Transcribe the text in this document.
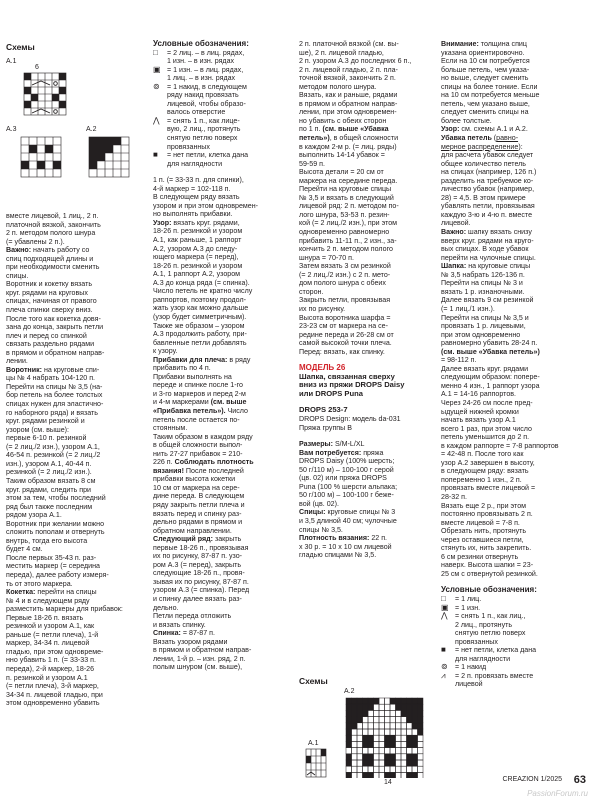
Схемы
А.1
6
А.3	А.2

вместе лицевой, 1 лиц., 2 п.
платочной вязкой, закончить
2 п. методом полого шнура
(= убавлены 2 п.).

Важно: начать работу со
спиц подходящей длины и
при необходимости сменить
спицы.
Воротник и кокетку вязать
круг. рядами на круговых
спицах, начиная от правого
плеча спинки сверху вниз.
После того как кокетка довя-
зана до конца, закрыть петли
плеч и перед со спинкой
связать раздельно рядами
в прямом и обратном направ-
лении.

Воротник: на круговые спи-
цы № 4 набрать 104-120 п.
Перейти на спицы № 3,5 (на-
бор петель на более толстых
спицах нужен для эластично-
го наборного ряда) и вязать
круг. рядами резинкой и
узором (см. выше):
первые 6-10 п. резинкой
(= 2 лиц./2 изн.), узором А.1,
46-54 п. резинкой (= 2 лиц./2
изн.), узором А.1, 40-44 п.
резинкой (= 2 лиц./2 изн.).
Таким образом вязать 8 см
круг. рядами, следить при
этом за тем, чтобы последний
ряд был также последним
рядом узора А.1.
Воротник при желании можно
сложить пополам и отвернуть
внутрь, тогда его высота
будет 4 см.
После первых 35-43 п. раз-
местить маркер (= середина
переда), далее работу измеря-
ть от этого маркера.

Кокетка: перейти на спицы
№ 4 и в следующем ряду
разместить маркеры для прибавок:
Первые 18-26 п. вязать
резинкой и узором А.1, как
раньше (= петли плеча), 1-й
маркер, 34-34 п. лицевой
гладью, при этом одновреме-
нно убавить 1 п. (= 33-33 п.
переда), 2-й маркер, 18-26
п. резинкой и узором А.1
(= петли плеча), 3-й маркер,
34-34 п. лицевой гладью, при
этом одновременно убавить

Условные обозначения:
□	= 2 лиц. – в лиц. рядах,
1 изн. – в изн. рядах
▣ = 1 изн. – в лиц. рядах,
1 лиц. – в изн. рядах
⊚	= 1 накид, в следующем
ряду накид провязать
лицевой, чтобы образо-
валось отверстие
⋀	= снять 1 п., как лице-
вую, 2 лиц., протянуть
снятую петлю поверх
провязанных
■	= нет петли, клетка дана
для наглядности

1 п. (= 33-33 п. для спинки),
4-й маркер = 102-118 п.
В следующем ряду вязать
узором и при этом одновремен-
но выполнять прибавки.

Узор: вязать круг. рядами,
18-26 п. резинкой и узором
А.1, как раньше, 1 раппорт
А.2, узором А.3 до следу-
ющего маркера (= перед),
18-26 п. резинкой и узором
А.1, 1 раппорт А.2, узором
А.3 до конца ряда (= спинка).
Число петель не кратно числу
раппортов, поэтому продол-
жать узор как можно дальше
(узор будет симметричным).
Также же образом – узором
А.3 продолжить работу, при-
бавленные петли добавлять
к узору.

Прибавки для плеча: в ряду
прибавить по 4 п.
Прибавки выполнять на
переде и спинке после 1-го
и 3-го маркеров и перед 2-м
и 4-м маркерами (см. выше
«Прибавка петель»). Число
петель после остается по-
стоянным.
Таким образом в каждом ряду
в общей сложности выпол-
нить 27-27 прибавок = 210-
226 п. Соблюдать плотность
вязания! После последней
прибавки высота кокетки
10 см от маркера на сере-
дине переда. В следующем
ряду закрыть петли плеча и
вязать перед и спинку раз-
дельно рядами в прямом и
обратном направлении.

Следующий ряд: закрыть
первые 18-26 п., провязывая
их по рисунку, 87-87 п. узо-
ром А.3 (= перед), закрыть
следующие 18-26 п., провя-
зывая их по рисунку, 87-87 п.
узором А.3 (= спинка). Перед
и спинку далее вязать раз-
дельно.
Петли переда отложить
и вязать спинку.

Спинка: = 87-87 п.
Вязать узором рядами
в прямом и обратном направ-
лении, 1-й р. – изн. ряд, 2 п.
полым шнуром (см. выше),

2 п. платочной вязкой (см. вы-
ше), 2 п. лицевой гладью,
2 п. узором А.3 до последних 6 п.,
2 п. лицевой гладью, 2 п. пла-
точной вязкой, закончить 2 п.
методом полого шнура.
Вязать, как и раньше, рядами
в прямом и обратном направ-
лении, при этом одновремен-
но убавить с обеих сторон
по 1 п. (см. выше «Убавка
петель»), в общей сложности
в каждом 2-м р. (= лиц. ряды)
выполнить 14-14 убавок =
59-59 п.
Высота детали = 20 см от
маркера на середине переда.
Перейти на круговые спицы
№ 3,5 и вязать в следующий
лицевой ряд: 2 п. методом по-
лого шнура, 53-53 п. резин-
кой (= 2 лиц./2 изн.), при этом
одновременно равномерно
прибавить 11-11 п., 2 изн., за-
кончить 2 п. методом полого
шнура = 70-70 п.
Затем вязать 3 см резинкой
(= 2 лиц./2 изн.) с 2 п. мето-
дом полого шнура с обеих
сторон.
Закрыть петли, провязывая
их по рисунку.
Высота воротника шарфа =
23-23 см от маркера на се-
редине переда и 26-28 см от
самой высокой точки плеча.
Перед: вязать, как спинку.

МОДЕЛЬ 26

Шапка, связанная сверху
вниз из пряжи DROPS Daisy
или DROPS Puna

DROPS 253-7

DROPS Design: модель da-031
Пряжа группы B

Размеры: S/M-L/XL

Вам потребуется: пряжа
DROPS Daisy (100% шерсть;
50 г/110 м) – 100-100 г серой
(цв. 02) или пряжа DROPS
Puna (100 % шерсти альпака;
50 г/100 м) – 100-100 г беже-
вой (цв. 02).

Спицы: круговые спицы № 3
и 3,5 длиной 40 см; чулочные
спицы № 3,5.

Плотность вязания: 22 п.
х 30 р. = 10 х 10 см лицевой
гладью спицами № 3,5.

Схемы
А.2
14
А.1

Внимание: толщина спиц
указана ориентировочно.
Если на 10 см потребуется
больше петель, чем указа-
но выше, следует сменить
спицы на более тонкие. Если
на 10 см потребуется меньше
петель, чем указано выше,
следует сменить спицы на
более толстые.

Узор: см. схемы А.1 и А.2.

Убавка петель (равно-
мерное распределение):
для расчета убавок следует
общее количество петель
на спицах (например, 126 п.)
разделить на требуемое ко-
личество убавок (например,
28) = 4,5. В этом примере
убавлять петли, провязывая
каждую 3-ю и 4-ю п. вместе
лицевой.

Важно: шапку вязать снизу
вверх круг. рядами на круго-
вых спицах. В ходе убавок
перейти на чулочные спицы.

Шапка: на круговые спицы
№ 3,5 набрать 126-136 п.
Перейти на спицы № 3 и
вязать 1 р. изнаночными.
Далее вязать 9 см резинкой
(= 1 лиц./1 изн.).
Перейти на спицы № 3,5 и
провязать 1 р. лицевыми,
при этом одновременно
равномерно убавить 28-24 п.
(см. выше «Убавка петель»)
= 98-112 п.
Далее вязать круг. рядами
следующим образом: попере-
менно 4 изн., 1 раппорт узора
А.1 = 14-16 раппортов.
Через 24-26 см после пред-
ыдущей нижней кромки
начать вязать узор А.1
всего 1 раз, при этом число
петель уменьшится до 2 п.
в каждом раппорте = 7-8 раппортов
= 42-48 п. После того как
узор А.2 завершен в высоту,
в следующем ряду: вязать
попеременно 1 изн., 2 п.
провязать вместе лицевой =
28-32 п.
Вязать еще 2 р., при этом
постоянно провязывать 2 п.
вместе лицевой = 7-8 п.
Обрезать нить, протянуть
через оставшиеся петли,
стянуть их, нить закрепить.
6 см резинки отвернуть
наверх. Высота шапки = 23-
25 см с отвернутой резинкой.

Условные обозначения:
□	= 1 лиц.
▣ = 1 изн.
⋀	= снять 1 п., как лиц.,
2 лиц., протянуть
снятую петлю поверх
провязанных
■	= нет петли, клетка дана
для наглядности
⊚	= 1 накид
⩘	= 2 п. провязать вместе
лицевой
CREAZION 1/2025 63
PassionForum.ru
